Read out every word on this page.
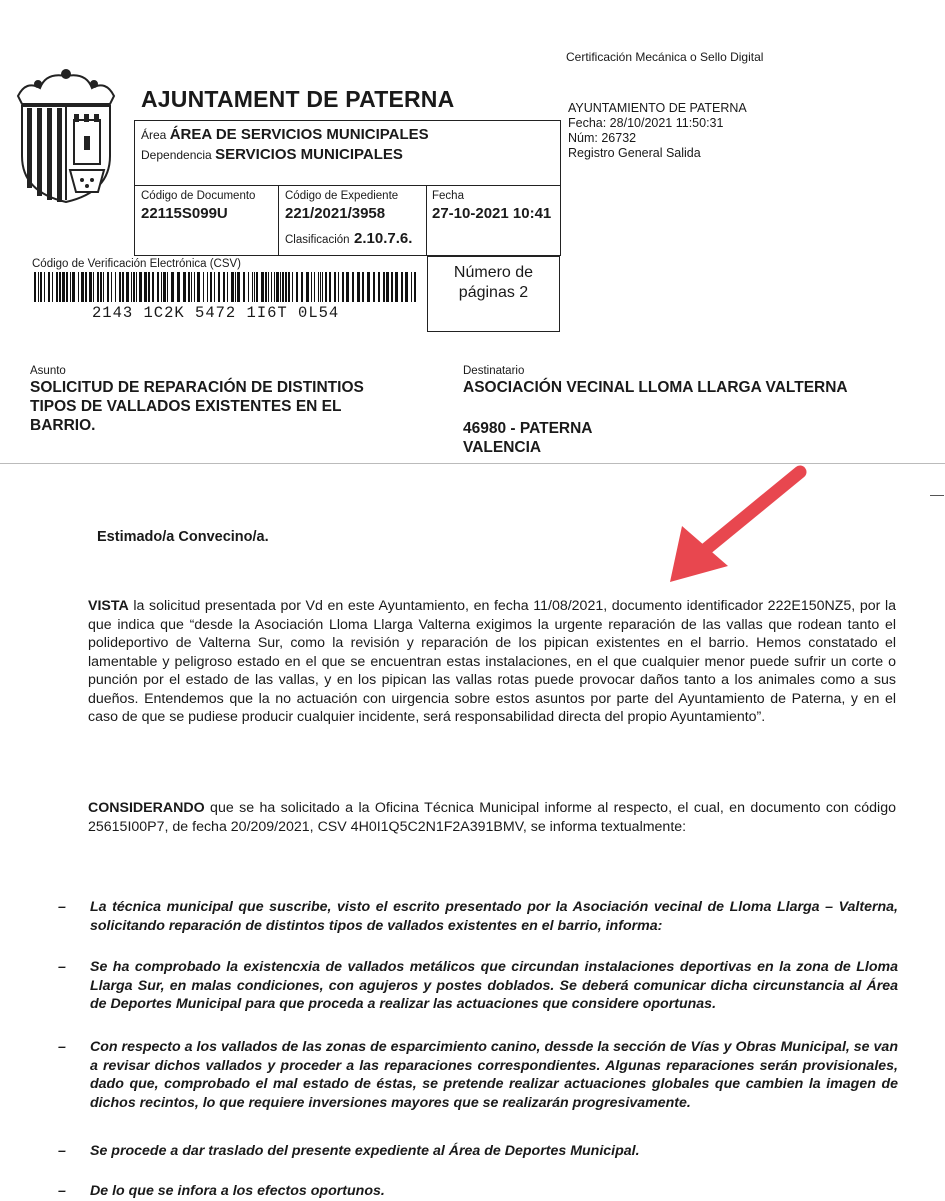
Certificación Mecánica o Sello Digital
AJUNTAMENT DE PATERNA	AYUNTAMIENTO DE PATERNA
Fecha: 28/10/2021 11:50:31
Núm: 26732
Registro General Salida
Área ÁREA DE SERVICIOS MUNICIPALES
Dependencia SERVICIOS MUNICIPALES
Código de Documento
22115S099U
Código de Expediente
221/2021/3958
Clasificación 2.10.7.6.
Fecha
27-10-2021 10:41
Código de Verificación Electrónica (CSV)
2143 1C2K 5472 1I6T 0L54
Número de
páginas 2
Asunto
SOLICITUD DE REPARACIÓN DE DISTINTIOS
TIPOS DE VALLADOS EXISTENTES EN EL
BARRIO.
Destinatario
ASOCIACIÓN VECINAL LLOMA LLARGA VALTERNA
46980 - PATERNA
VALENCIA
Estimado/a Convecino/a.

VISTA la solicitud presentada por Vd en este Ayuntamiento, en fecha 11/08/2021, documento identificador 222E150NZ5, por la que indica que “desde la Asociación Lloma Llarga Valterna exigimos la urgente reparación de las vallas que rodean tanto el polideportivo de Valterna Sur, como la revisión y reparación de los pipican existentes en el barrio. Hemos constatado el lamentable y peligroso estado en el que se encuentran estas instalaciones, en el que cualquier menor puede sufrir un corte o punción por el estado de las vallas, y en los pipican las vallas rotas puede provocar daños tanto a los animales como a sus dueños. Entendemos que la no actuación con uirgencia sobre estos asuntos por parte del Ayuntamiento de Paterna, y en el caso de que se pudiese producir cualquier incidente, será responsabilidad directa del propio Ayuntamiento”.

CONSIDERANDO que se ha solicitado a la Oficina Técnica Municipal informe al respecto, el cual, en documento con código 25615I00P7, de fecha 20/209/2021, CSV 4H0I1Q5C2N1F2A391BMV, se informa textualmente:

– La técnica municipal que suscribe, visto el escrito presentado por la Asociación vecinal de Lloma Llarga – Valterna, solicitando reparación de distintos tipos de vallados existentes en el barrio, informa:
– Se ha comprobado la existencxia de vallados metálicos que circundan instalaciones deportivas en la zona de Lloma Llarga Sur, en malas condiciones, con agujeros y postes doblados. Se deberá comunicar dicha circunstancia al Área de Deportes Municipal para que proceda a realizar las actuaciones que considere oportunas.
– Con respecto a los vallados de las zonas de esparcimiento canino, dessde la sección de Vías y Obras Municipal, se van a revisar dichos vallados y proceder a las reparaciones correspondientes. Algunas reparaciones serán provisionales, dado que, comprobado el mal estado de éstas, se pretende realizar actuaciones globales que cambien la imagen de dichos recintos, lo que requiere inversiones mayores que se realizarán progresivamente.
– Se procede a dar traslado del presente expediente al Área de Deportes Municipal.
– De lo que se infora a los efectos oportunos.
